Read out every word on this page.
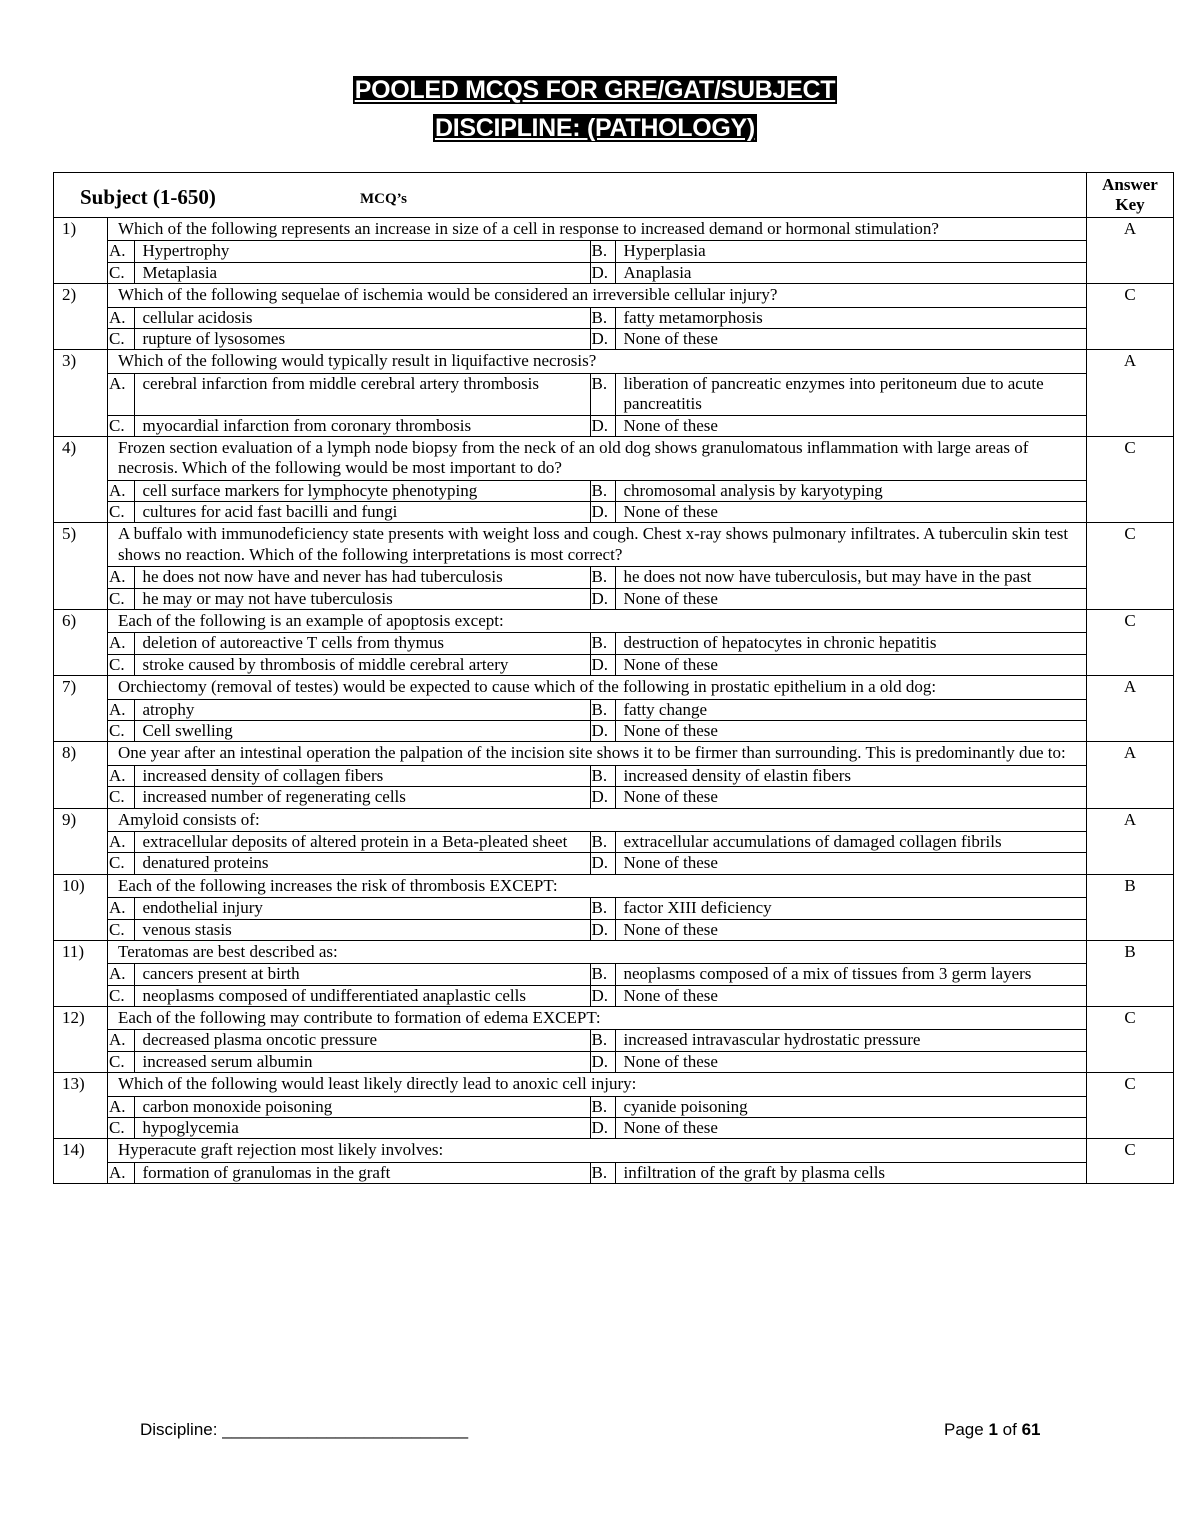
POOLED MCQS FOR GRE/GAT/SUBJECT
DISCIPLINE: (PATHOLOGY)
Subject (1-650)	MCQ’s
	Answer Key
1)	Which of the following represents an increase in size of a cell in response to increased demand or hormonal stimulation?
A.	Hypertrophy	B.	Hyperplasia
C.	Metaplasia	D.	Anaplasia
	A
2)	Which of the following sequelae of ischemia would be considered an irreversible cellular injury?
A.	cellular acidosis	B.	fatty metamorphosis
C.	rupture of lysosomes	D.	None of these
	C
3)	Which of the following would typically result in liquifactive necrosis?
A.	cerebral infarction from middle cerebral artery thrombosis	B.	liberation of pancreatic enzymes into peritoneum due to acute pancreatitis
C.	myocardial infarction from coronary thrombosis	D.	None of these
	A
4)	Frozen section evaluation of a lymph node biopsy from the neck of an old dog shows granulomatous inflammation with large areas of necrosis. Which of the following would be most important to do?
A.	cell surface markers for lymphocyte phenotyping	B.	chromosomal analysis by karyotyping
C.	cultures for acid fast bacilli and fungi	D.	None of these
	C
5)	A buffalo with immunodeficiency state presents with weight loss and cough. Chest x-ray shows pulmonary infiltrates. A tuberculin skin test shows no reaction. Which of the following interpretations is most correct?
A.	he does not now have and never has had tuberculosis	B.	he does not now have tuberculosis, but may have in the past
C.	he may or may not have tuberculosis	D.	None of these
	C
6)	Each of the following is an example of apoptosis except:
A.	deletion of autoreactive T cells from thymus	B.	destruction of hepatocytes in chronic hepatitis
C.	stroke caused by thrombosis of middle cerebral artery	D.	None of these
	C
7)	Orchiectomy (removal of testes) would be expected to cause which of the following in prostatic epithelium in a old dog:
A.	atrophy	B.	fatty change
C.	Cell swelling	D.	None of these
	A
8)	One year after an intestinal operation the palpation of the incision site shows it to be firmer than surrounding. This is predominantly due to:
A.	increased density of collagen fibers	B.	increased density of elastin fibers
C.	increased number of regenerating cells	D.	None of these
	A
9)	Amyloid consists of:
A.	extracellular deposits of altered protein in a Beta-pleated sheet	B.	extracellular accumulations of damaged collagen fibrils
C.	denatured proteins	D.	None of these
	A
10)	Each of the following increases the risk of thrombosis EXCEPT:
A.	endothelial injury	B.	factor XIII deficiency
C.	venous stasis	D.	None of these
	B
11)	Teratomas are best described as:
A.	cancers present at birth	B.	neoplasms composed of a mix of tissues from 3 germ layers
C.	neoplasms composed of undifferentiated anaplastic cells	D.	None of these
	B
12)	Each of the following may contribute to formation of edema EXCEPT:
A.	decreased plasma oncotic pressure	B.	increased intravascular hydrostatic pressure
C.	increased serum albumin	D.	None of these
	C
13)	Which of the following would least likely directly lead to anoxic cell injury:
A.	carbon monoxide poisoning	B.	cyanide poisoning
C.	hypoglycemia	D.	None of these
	C
14)	Hyperacute graft rejection most likely involves:
A.	formation of granulomas in the graft	B.	infiltration of the graft by plasma cells
	C
Discipline: __________________________	Page 1 of 61
